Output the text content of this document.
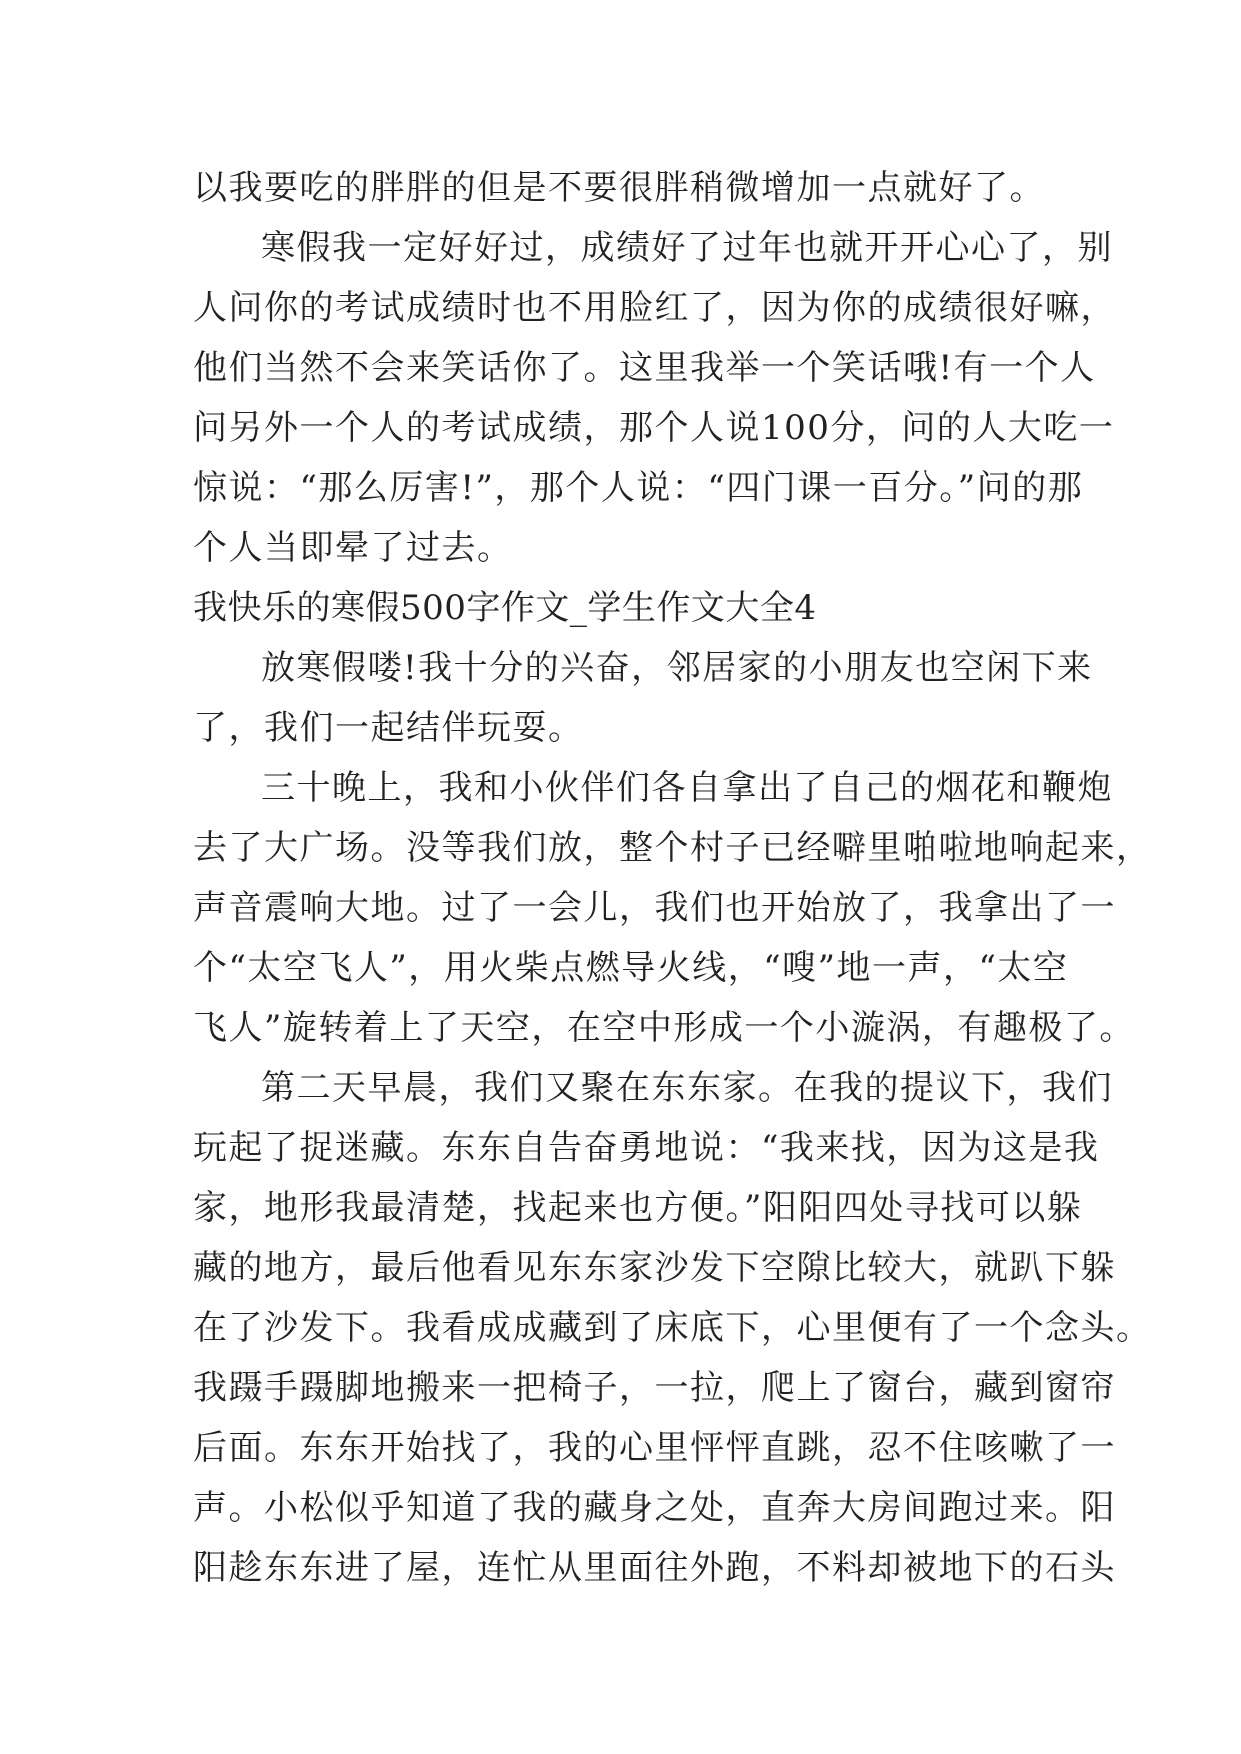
以我要吃的胖胖的但是不要很胖稍微增加一点就好了。
寒假我一定好好过，成绩好了过年也就开开心心了，别
人问你的考试成绩时也不用脸红了，因为你的成绩很好嘛，
他们当然不会来笑话你了。这里我举一个笑话哦!有一个人
问另外一个人的考试成绩，那个人说100分，问的人大吃一
惊说：“那么厉害!”，那个人说：“四门课一百分。”问的那
个人当即晕了过去。
我快乐的寒假500字作文_学生作文大全4
放寒假喽!我十分的兴奋，邻居家的小朋友也空闲下来
了，我们一起结伴玩耍。
三十晚上，我和小伙伴们各自拿出了自己的烟花和鞭炮
去了大广场。没等我们放，整个村子已经噼里啪啦地响起来，
声音震响大地。过了一会儿，我们也开始放了，我拿出了一
个“太空飞人”，用火柴点燃导火线，“嗖”地一声，“太空
飞人”旋转着上了天空，在空中形成一个小漩涡，有趣极了。
第二天早晨，我们又聚在东东家。在我的提议下，我们
玩起了捉迷藏。东东自告奋勇地说：“我来找，因为这是我
家，地形我最清楚，找起来也方便。”阳阳四处寻找可以躲
藏的地方，最后他看见东东家沙发下空隙比较大，就趴下躲
在了沙发下。我看成成藏到了床底下，心里便有了一个念头。
我蹑手蹑脚地搬来一把椅子，一拉，爬上了窗台，藏到窗帘
后面。东东开始找了，我的心里怦怦直跳，忍不住咳嗽了一
声。小松似乎知道了我的藏身之处，直奔大房间跑过来。阳
阳趁东东进了屋，连忙从里面往外跑，不料却被地下的石头
